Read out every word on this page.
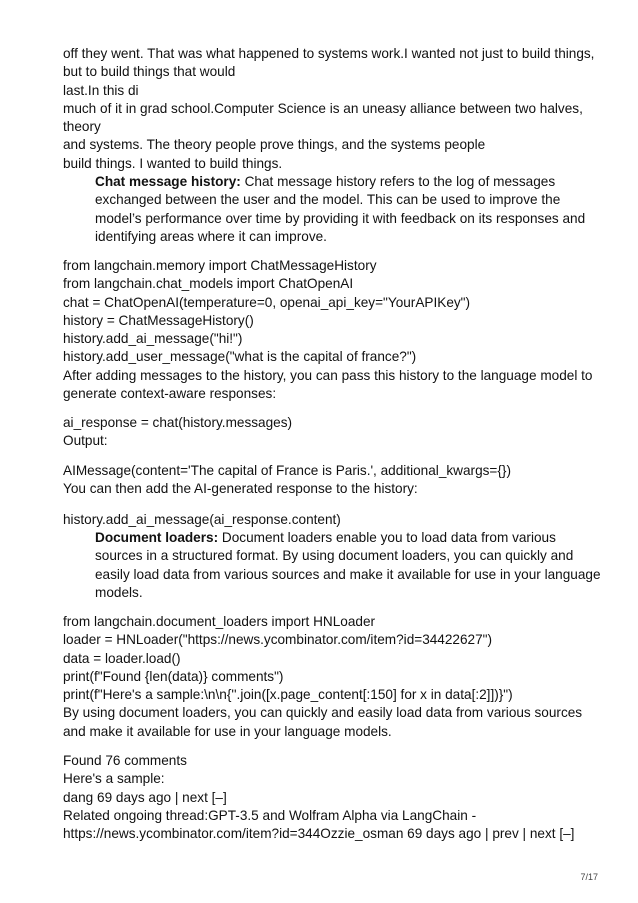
off they went. That was what happened to systems work.I wanted not just to build things,
but to build things that would
last.In this di
much of it in grad school.Computer Science is an uneasy alliance between two halves,
theory
and systems. The theory people prove things, and the systems people
build things. I wanted to build things.
Chat message history: Chat message history refers to the log of messages
exchanged between the user and the model. This can be used to improve the
model’s performance over time by providing it with feedback on its responses and
identifying areas where it can improve.
from langchain.memory import ChatMessageHistory
from langchain.chat_models import ChatOpenAI
chat = ChatOpenAI(temperature=0, openai_api_key="YourAPIKey")
history = ChatMessageHistory()
history.add_ai_message("hi!")
history.add_user_message("what is the capital of france?")
After adding messages to the history, you can pass this history to the language model to
generate context-aware responses:
ai_response = chat(history.messages)
Output:
AIMessage(content='The capital of France is Paris.', additional_kwargs={})
You can then add the AI-generated response to the history:
history.add_ai_message(ai_response.content)
Document loaders: Document loaders enable you to load data from various
sources in a structured format. By using document loaders, you can quickly and
easily load data from various sources and make it available for use in your language
models.
from langchain.document_loaders import HNLoader
loader = HNLoader("https://news.ycombinator.com/item?id=34422627")
data = loader.load()
print(f"Found {len(data)} comments")
print(f"Here's a sample:\n\n{''.join([x.page_content[:150] for x in data[:2]])}")
By using document loaders, you can quickly and easily load data from various sources
and make it available for use in your language models.
Found 76 comments
Here's a sample:
dang 69 days ago | next [–]
Related ongoing thread:GPT-3.5 and Wolfram Alpha via LangChain -
https://news.ycombinator.com/item?id=344Ozzie_osman 69 days ago | prev | next [–]
7/17
